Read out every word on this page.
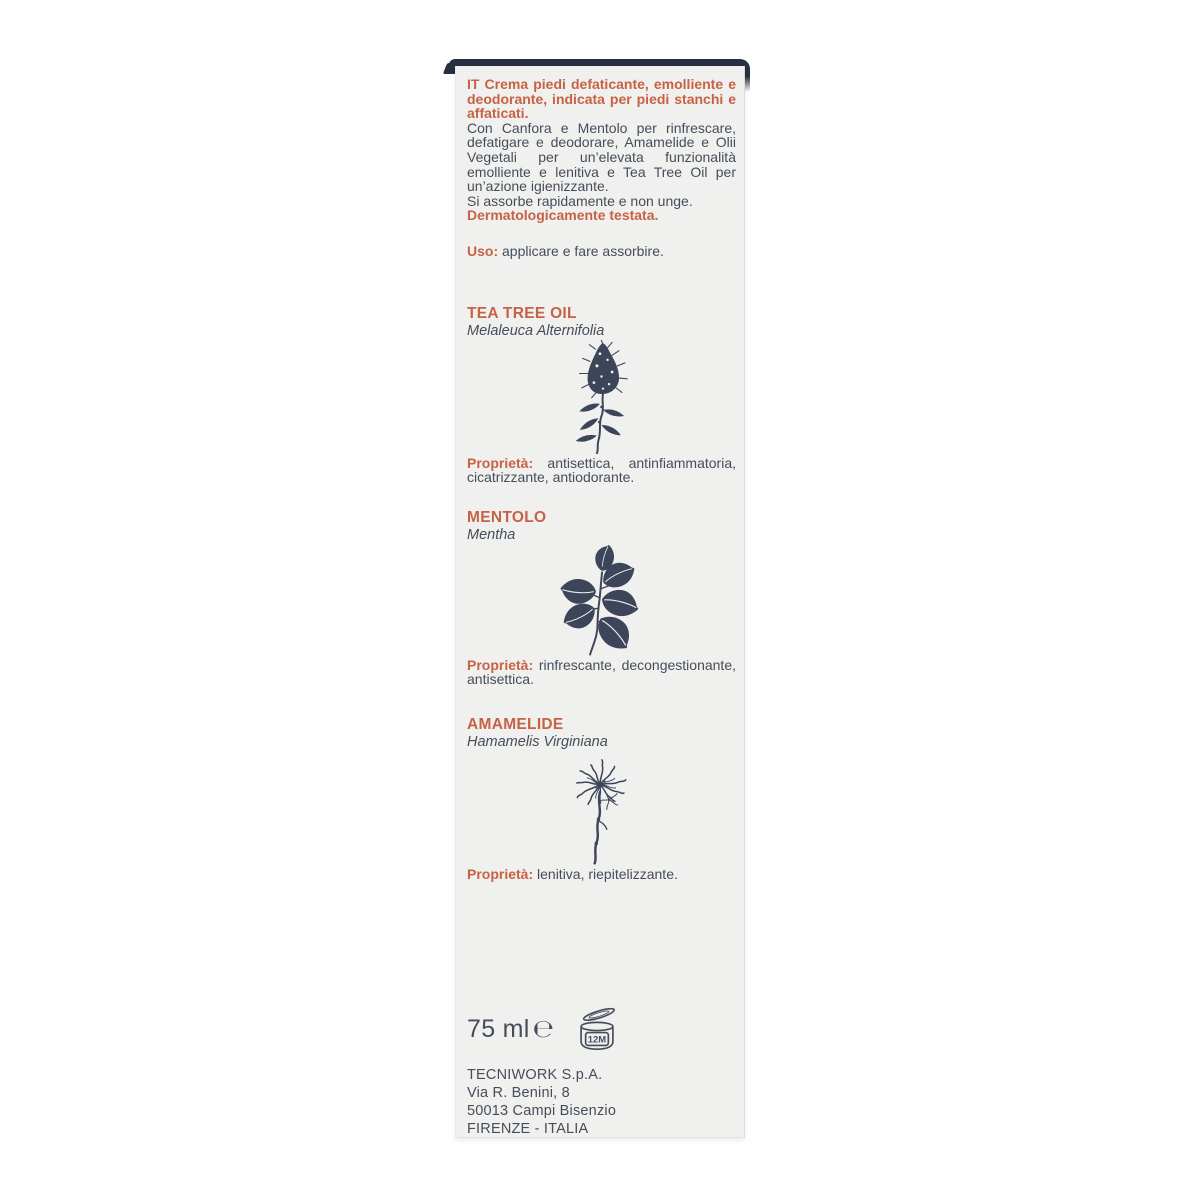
IT Crema piedi defaticante, emolliente e deodorante, indicata per piedi stanchi e affaticati.

Con Canfora e Mentolo per rinfrescare, defatigare e deodorare, Amamelide e Olii Vegetali per un’elevata funzionalità emolliente e lenitiva e Tea Tree Oil per un’azione igienizzante.

Si assorbe rapidamente e non unge.

Dermatologicamente testata.

Uso: applicare e fare assorbire.

TEA TREE OIL

Melaleuca Alternifolia

Proprietà: antisettica, antinfiammatoria, cicatrizzante, antiodorante.

MENTOLO

Mentha

Proprietà: rinfrescante, decongestionante, antisettica.

AMAMELIDE

Hamamelis Virginiana

Proprietà: lenitiva, riepitelizzante.

75 ml ℮	12M

TECNIWORK S.p.A.

Via R. Benini, 8

50013 Campi Bisenzio

FIRENZE - ITALIA
